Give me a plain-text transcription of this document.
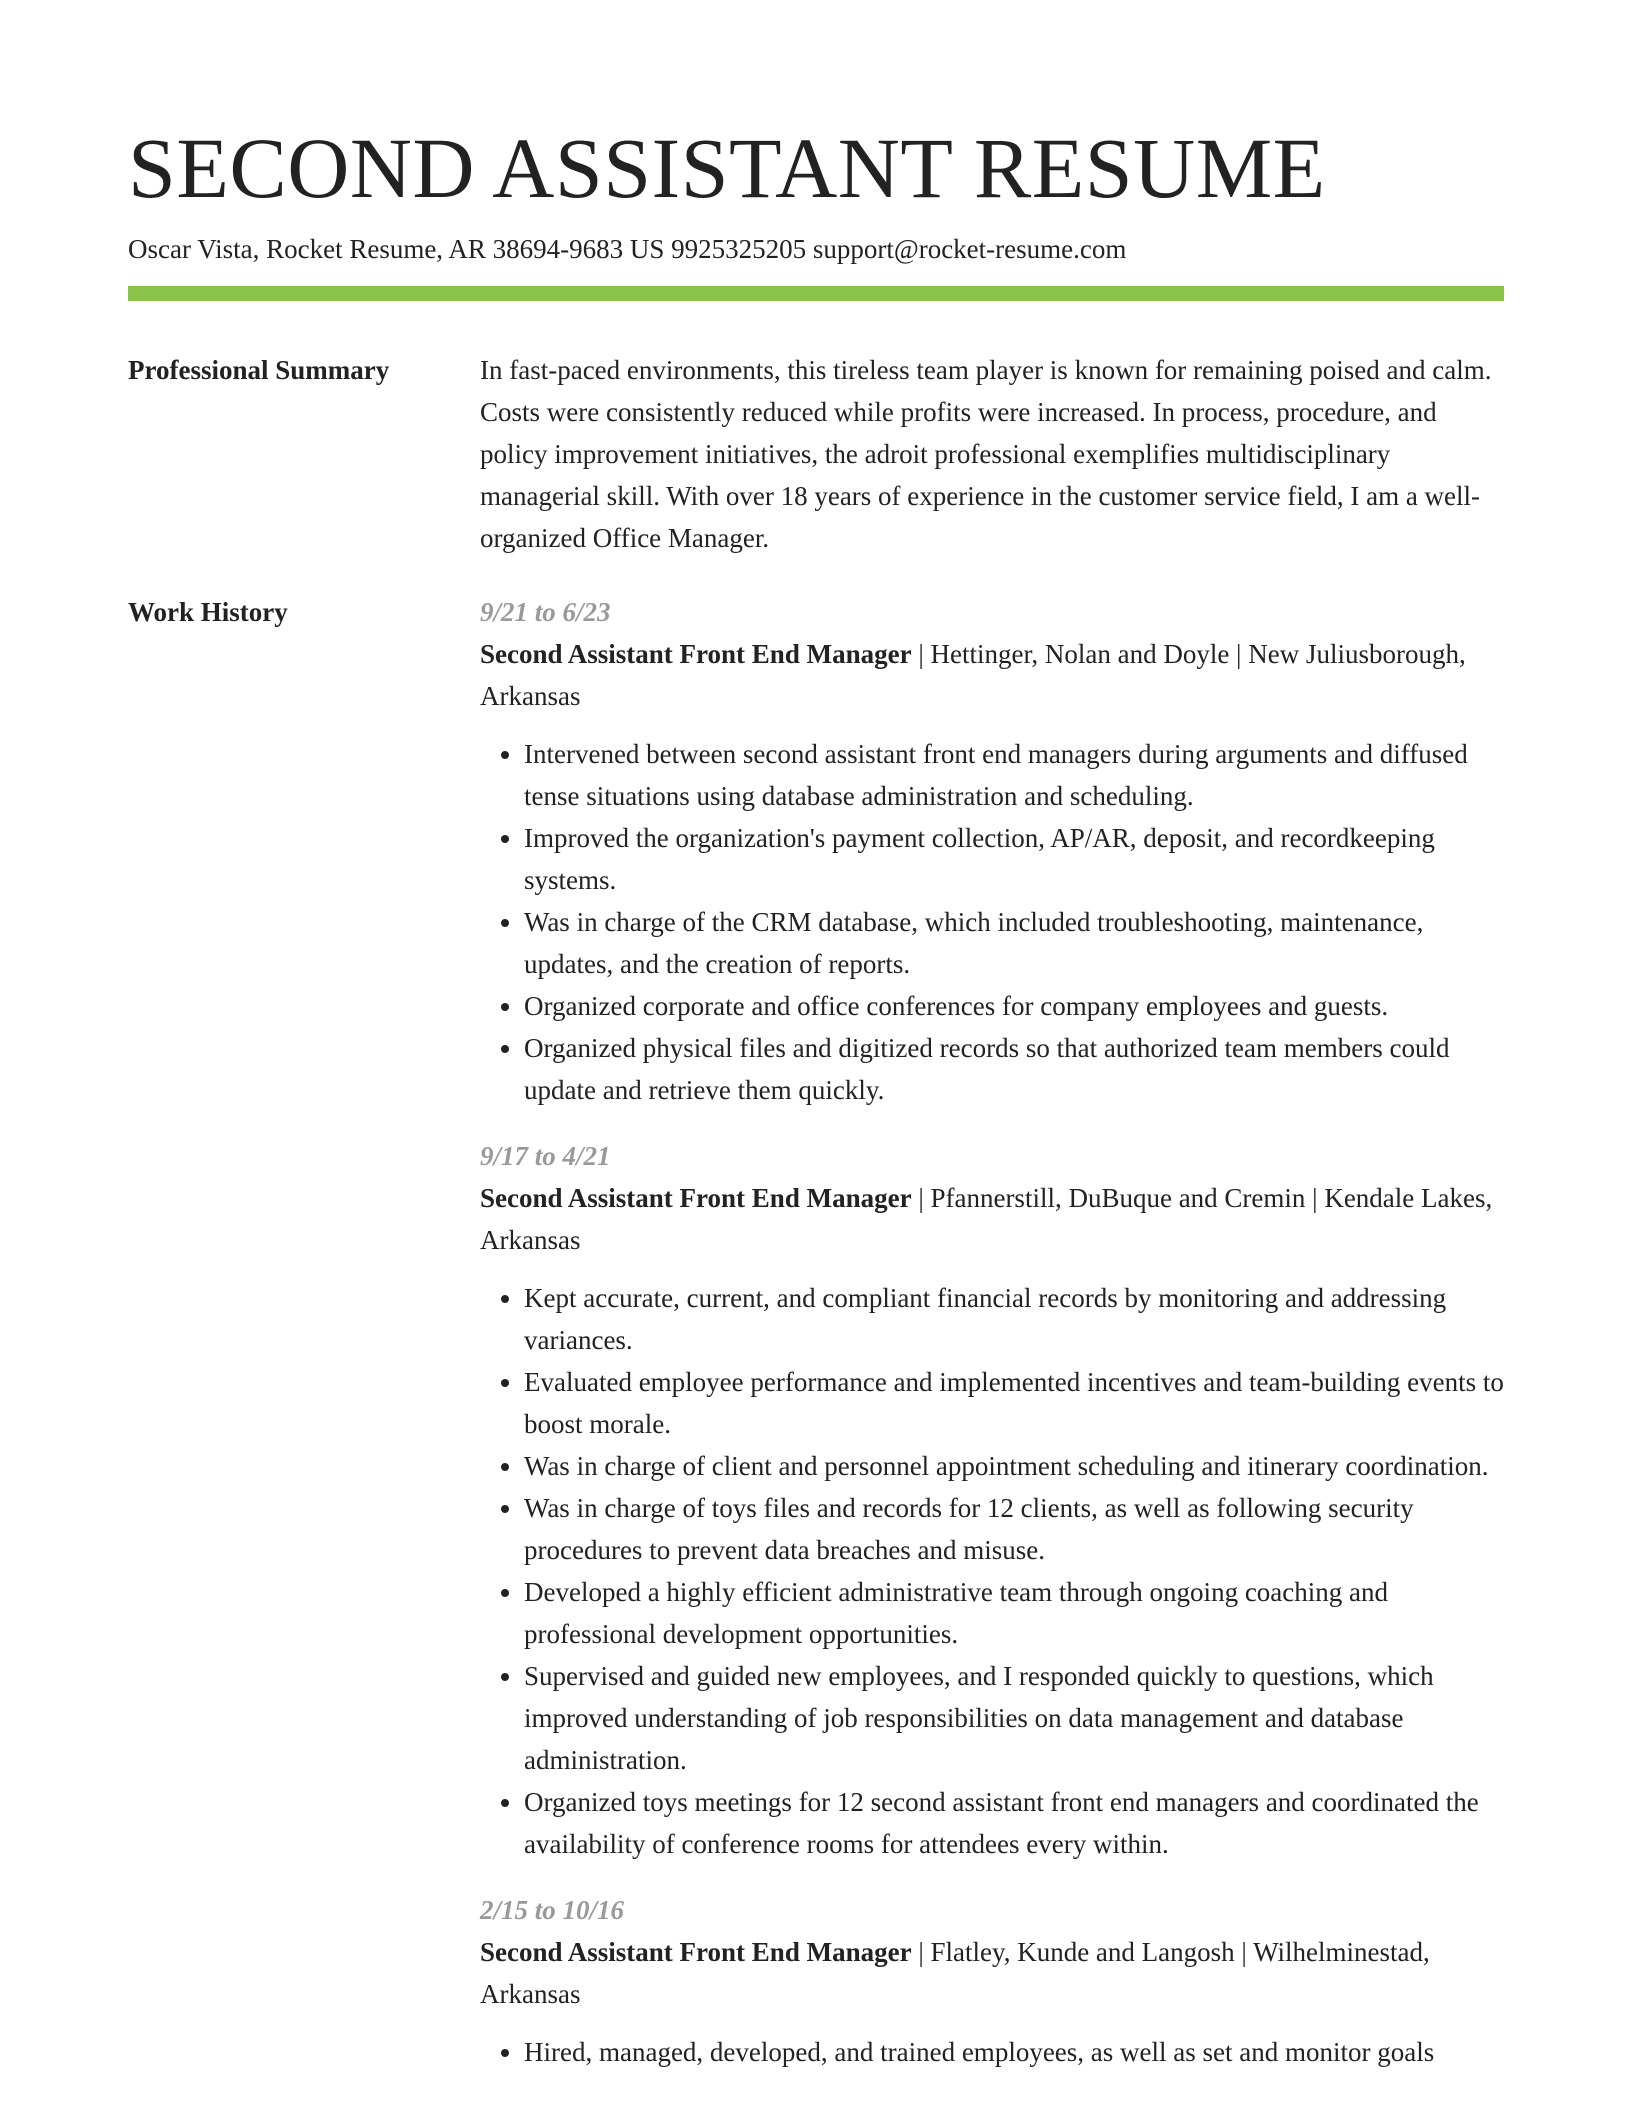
SECOND ASSISTANT RESUME
Oscar Vista, Rocket Resume, AR 38694-9683 US 9925325205 support@rocket-resume.com
Professional Summary	In fast-paced environments, this tireless team player is known for remaining poised and calm. Costs were consistently reduced while profits were increased. In process, procedure, and policy improvement initiatives, the adroit professional exemplifies multidisciplinary managerial skill. With over 18 years of experience in the customer service field, I am a well-organized Office Manager.

Work History	9/21 to 6/23
Second Assistant Front End Manager | Hettinger, Nolan and Doyle | New Juliusborough, Arkansas
• Intervened between second assistant front end managers during arguments and diffused tense situations using database administration and scheduling.
• Improved the organization's payment collection, AP/AR, deposit, and recordkeeping systems.
• Was in charge of the CRM database, which included troubleshooting, maintenance, updates, and the creation of reports.
• Organized corporate and office conferences for company employees and guests.
• Organized physical files and digitized records so that authorized team members could update and retrieve them quickly.
9/17 to 4/21
Second Assistant Front End Manager | Pfannerstill, DuBuque and Cremin | Kendale Lakes, Arkansas
• Kept accurate, current, and compliant financial records by monitoring and addressing variances.
• Evaluated employee performance and implemented incentives and team-building events to boost morale.
• Was in charge of client and personnel appointment scheduling and itinerary coordination.
• Was in charge of toys files and records for 12 clients, as well as following security procedures to prevent data breaches and misuse.
• Developed a highly efficient administrative team through ongoing coaching and professional development opportunities.
• Supervised and guided new employees, and I responded quickly to questions, which improved understanding of job responsibilities on data management and database administration.
• Organized toys meetings for 12 second assistant front end managers and coordinated the availability of conference rooms for attendees every within.
2/15 to 10/16
Second Assistant Front End Manager | Flatley, Kunde and Langosh | Wilhelminestad, Arkansas
• Hired, managed, developed, and trained employees, as well as set and monitor goals
